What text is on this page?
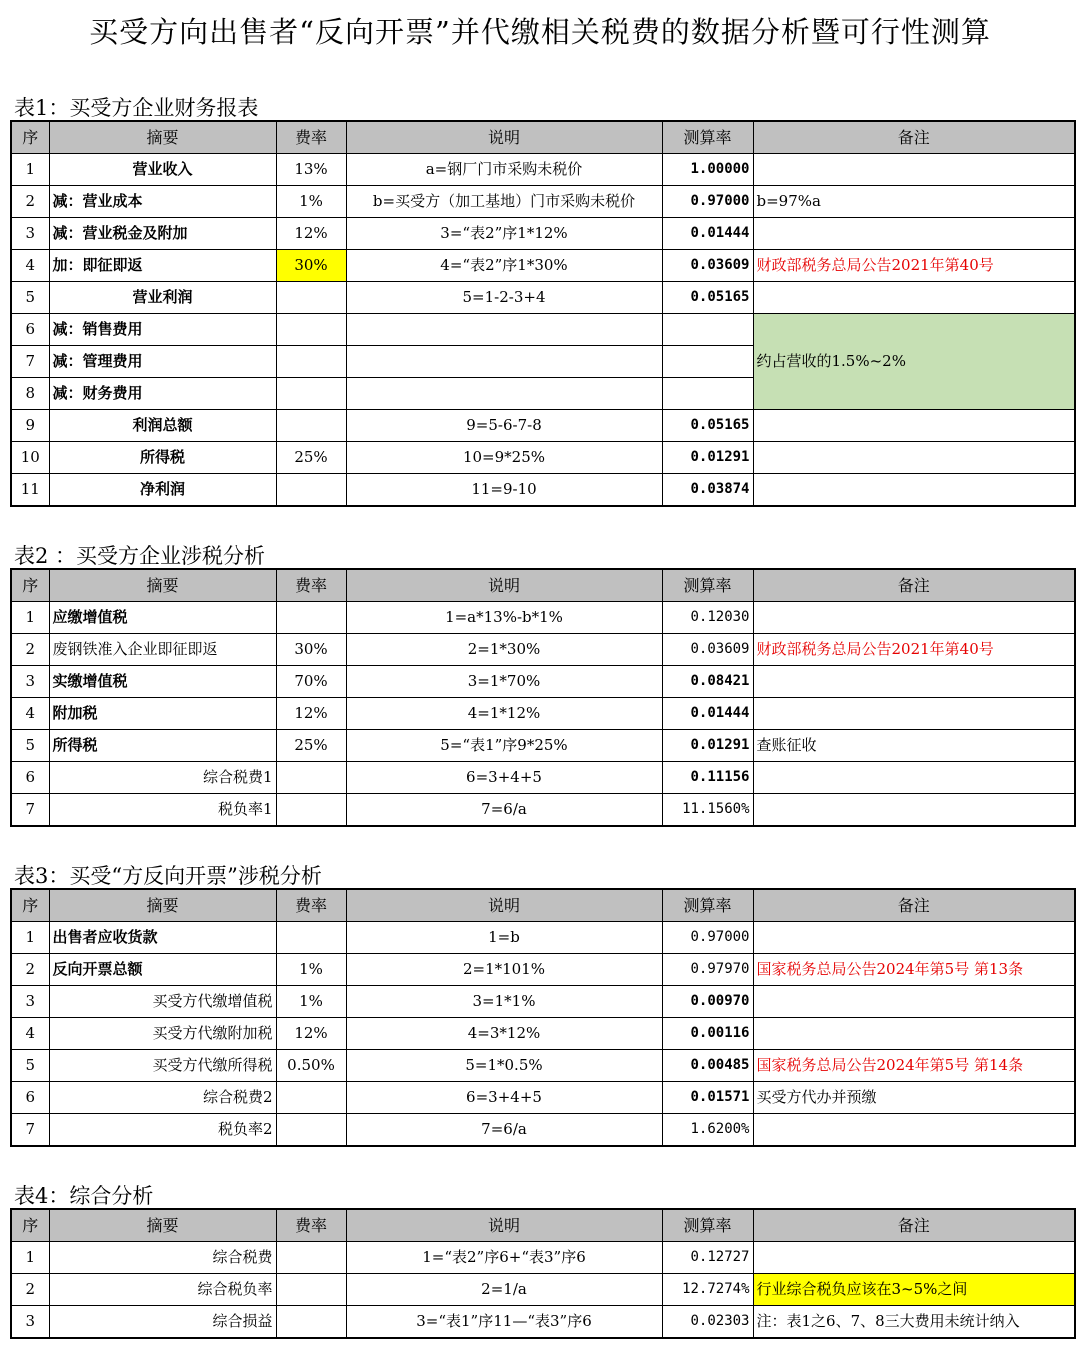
买受方向出售者“反向开票”并代缴相关税费的数据分析暨可行性测算
表1：买受方企业财务报表
序	摘要	费率	说明	测算率	备注
1	营业收入	13%	a=钢厂门市采购未税价	1.00000	
2	减：营业成本	1%	b=买受方（加工基地）门市采购未税价	0.97000	b=97%a
3	减：营业税金及附加	12%	3=“表2”序1*12%	0.01444	
4	加：即征即返	30%	4=“表2”序1*30%	0.03609	财政部税务总局公告2021年第40号
5	营业利润		5=1-2-3+4	0.05165	
6	减：销售费用				约占营收的1.5%~2%
7	减：管理费用				
8	减：财务费用				
9	利润总额		9=5-6-7-8	0.05165	
10	所得税	25%	10=9*25%	0.01291	
11	净利润		11=9-10	0.03874	
表2 ：买受方企业涉税分析
序	摘要	费率	说明	测算率	备注
1	应缴增值税		1=a*13%-b*1%	0.12030	
2	废钢铁准入企业即征即返	30%	2=1*30%	0.03609	财政部税务总局公告2021年第40号
3	实缴增值税	70%	3=1*70%	0.08421	
4	附加税	12%	4=1*12%	0.01444	
5	所得税	25%	5=“表1”序9*25%	0.01291	查账征收
6	综合税费1		6=3+4+5	0.11156	
7	税负率1		7=6/a	11.1560%	
表3：买受“方反向开票”涉税分析
序	摘要	费率	说明	测算率	备注
1	出售者应收货款		1=b	0.97000	
2	反向开票总额	1%	2=1*101%	0.97970	国家税务总局公告2024年第5号 第13条
3	买受方代缴增值税	1%	3=1*1%	0.00970	
4	买受方代缴附加税	12%	4=3*12%	0.00116	
5	买受方代缴所得税	0.50%	5=1*0.5%	0.00485	国家税务总局公告2024年第5号 第14条
6	综合税费2		6=3+4+5	0.01571	买受方代办并预缴
7	税负率2		7=6/a	1.6200%	
表4：综合分析
序	摘要	费率	说明	测算率	备注
1	综合税费		1=“表2”序6+“表3”序6	0.12727	
2	综合税负率		2=1/a	12.7274%	行业综合税负应该在3~5%之间
3	综合损益		3=“表1”序11—“表3”序6	0.02303	注：表1之6、7、8三大费用未统计纳入
